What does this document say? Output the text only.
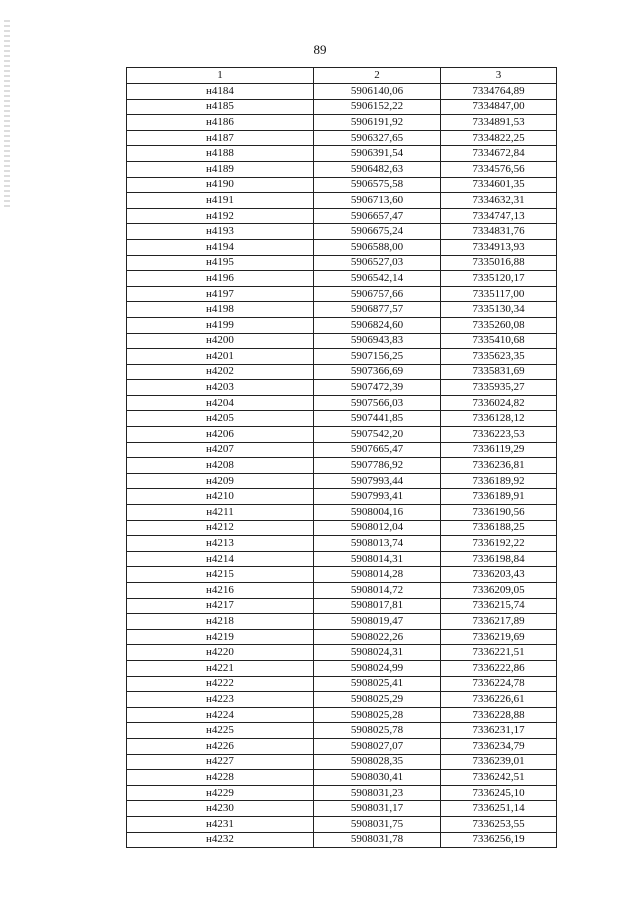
89
1	2	3
н4184	5906140,06	7334764,89
н4185	5906152,22	7334847,00
н4186	5906191,92	7334891,53
н4187	5906327,65	7334822,25
н4188	5906391,54	7334672,84
н4189	5906482,63	7334576,56
н4190	5906575,58	7334601,35
н4191	5906713,60	7334632,31
н4192	5906657,47	7334747,13
н4193	5906675,24	7334831,76
н4194	5906588,00	7334913,93
н4195	5906527,03	7335016,88
н4196	5906542,14	7335120,17
н4197	5906757,66	7335117,00
н4198	5906877,57	7335130,34
н4199	5906824,60	7335260,08
н4200	5906943,83	7335410,68
н4201	5907156,25	7335623,35
н4202	5907366,69	7335831,69
н4203	5907472,39	7335935,27
н4204	5907566,03	7336024,82
н4205	5907441,85	7336128,12
н4206	5907542,20	7336223,53
н4207	5907665,47	7336119,29
н4208	5907786,92	7336236,81
н4209	5907993,44	7336189,92
н4210	5907993,41	7336189,91
н4211	5908004,16	7336190,56
н4212	5908012,04	7336188,25
н4213	5908013,74	7336192,22
н4214	5908014,31	7336198,84
н4215	5908014,28	7336203,43
н4216	5908014,72	7336209,05
н4217	5908017,81	7336215,74
н4218	5908019,47	7336217,89
н4219	5908022,26	7336219,69
н4220	5908024,31	7336221,51
н4221	5908024,99	7336222,86
н4222	5908025,41	7336224,78
н4223	5908025,29	7336226,61
н4224	5908025,28	7336228,88
н4225	5908025,78	7336231,17
н4226	5908027,07	7336234,79
н4227	5908028,35	7336239,01
н4228	5908030,41	7336242,51
н4229	5908031,23	7336245,10
н4230	5908031,17	7336251,14
н4231	5908031,75	7336253,55
н4232	5908031,78	7336256,19
